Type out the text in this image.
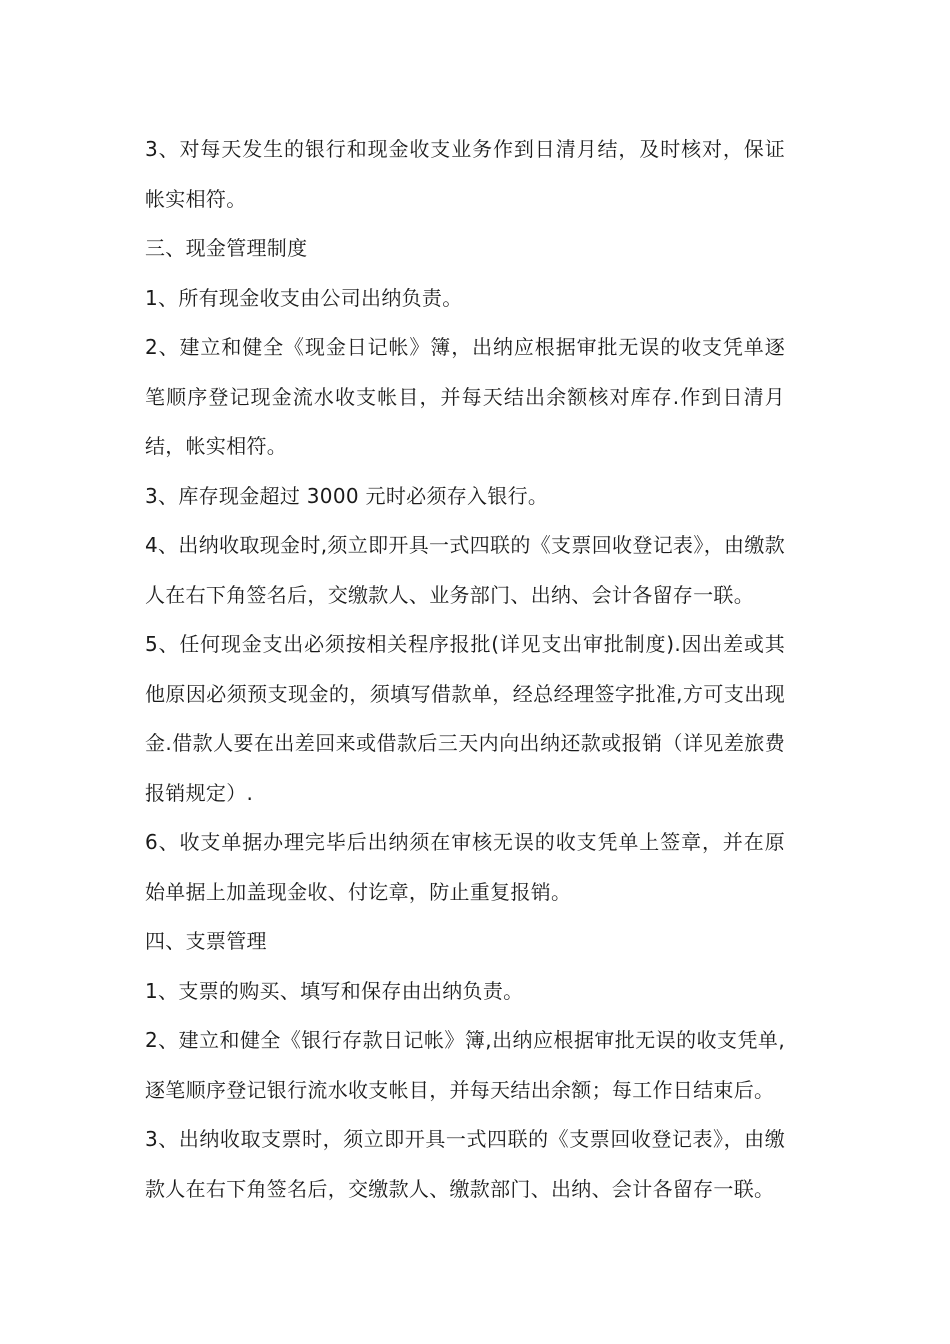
3、对每天发生的银行和现金收支业务作到日清月结，及时核对，保证帐实相符。

三、现金管理制度

1、所有现金收支由公司出纳负责。

2、建立和健全《现金日记帐》簿，出纳应根据审批无误的收支凭单逐笔顺序登记现金流水收支帐目，并每天结出余额核对库存.作到日清月结，帐实相符。

3、库存现金超过 3000 元时必须存入银行。

4、出纳收取现金时,须立即开具一式四联的《支票回收登记表》，由缴款人在右下角签名后，交缴款人、业务部门、出纳、会计各留存一联。

5、任何现金支出必须按相关程序报批(详见支出审批制度).因出差或其他原因必须预支现金的，须填写借款单，经总经理签字批准,方可支出现金.借款人要在出差回来或借款后三天内向出纳还款或报销（详见差旅费报销规定）.

6、收支单据办理完毕后出纳须在审核无误的收支凭单上签章，并在原始单据上加盖现金收、付讫章，防止重复报销。

四、支票管理

1、支票的购买、填写和保存由出纳负责。

2、建立和健全《银行存款日记帐》簿,出纳应根据审批无误的收支凭单,逐笔顺序登记银行流水收支帐目，并每天结出余额；每工作日结束后。

3、出纳收取支票时，须立即开具一式四联的《支票回收登记表》，由缴款人在右下角签名后，交缴款人、缴款部门、出纳、会计各留存一联。
